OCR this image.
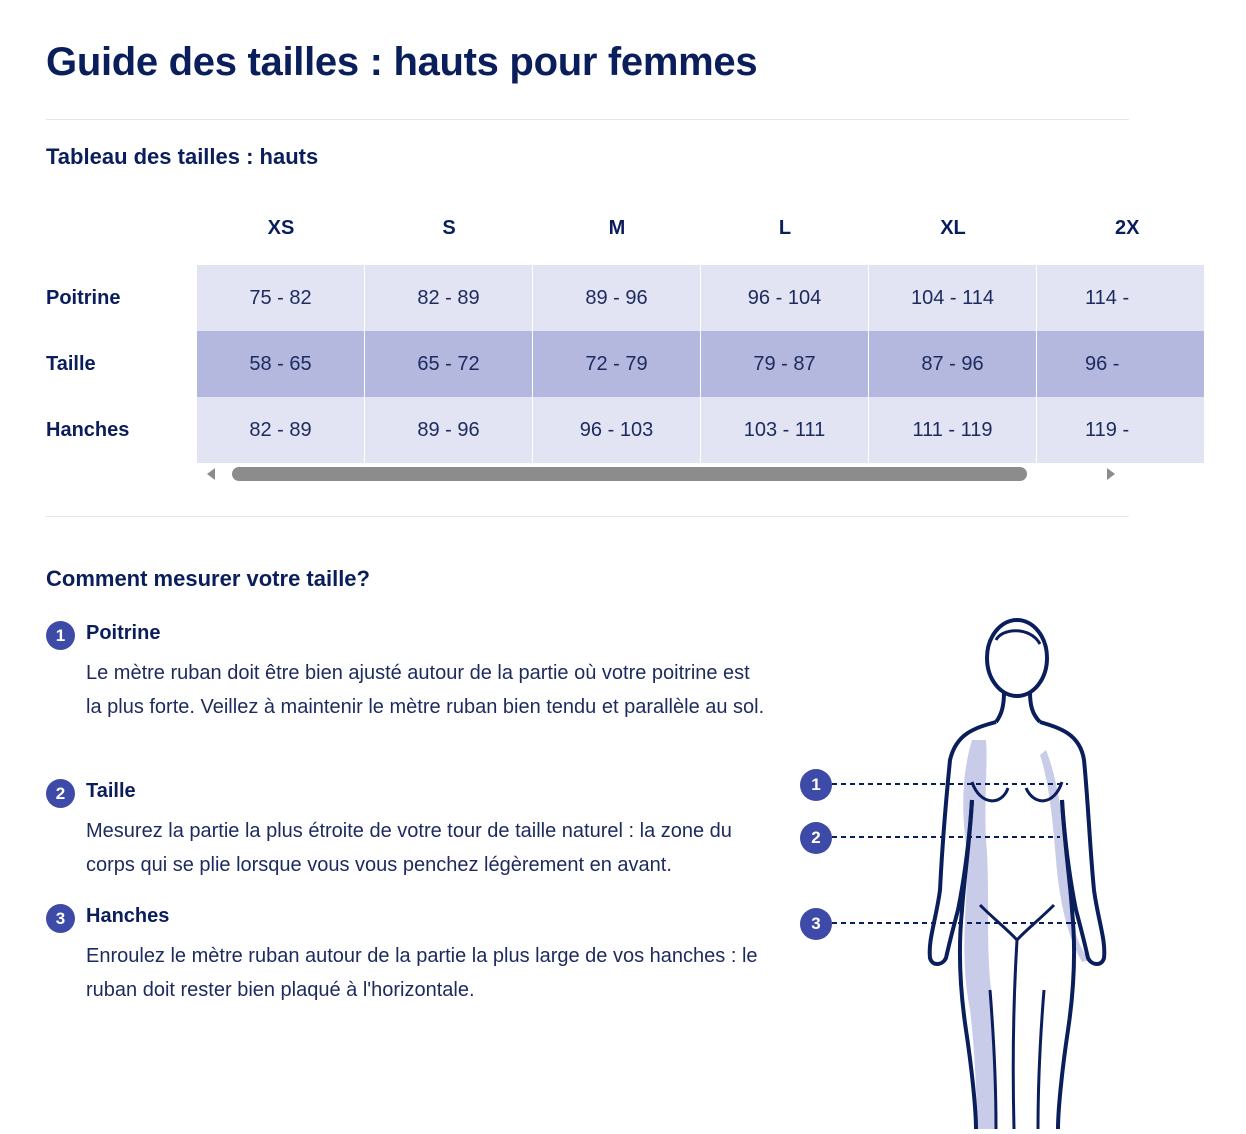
Guide des tailles : hauts pour femmes
Tableau des tailles : hauts
XS	S	M	L	XL	2X
Poitrine	75 - 82	82 - 89	89 - 96	96 - 104	104 - 114	114 -
Taille	58 - 65	65 - 72	72 - 79	79 - 87	87 - 96	96 -
Hanches	82 - 89	89 - 96	96 - 103	103 - 111	111 - 119	119 -
Comment mesurer votre taille?
1	Poitrine

Le mètre ruban doit être bien ajusté autour de la partie où votre poitrine est la plus forte. Veillez à maintenir le mètre ruban bien tendu et parallèle au sol.

2	Taille

Mesurez la partie la plus étroite de votre tour de taille naturel : la zone du corps qui se plie lorsque vous vous penchez légèrement en avant.

3	Hanches

Enroulez le mètre ruban autour de la partie la plus large de vos hanches : le ruban doit rester bien plaqué à l'horizontale.

1
2
3
